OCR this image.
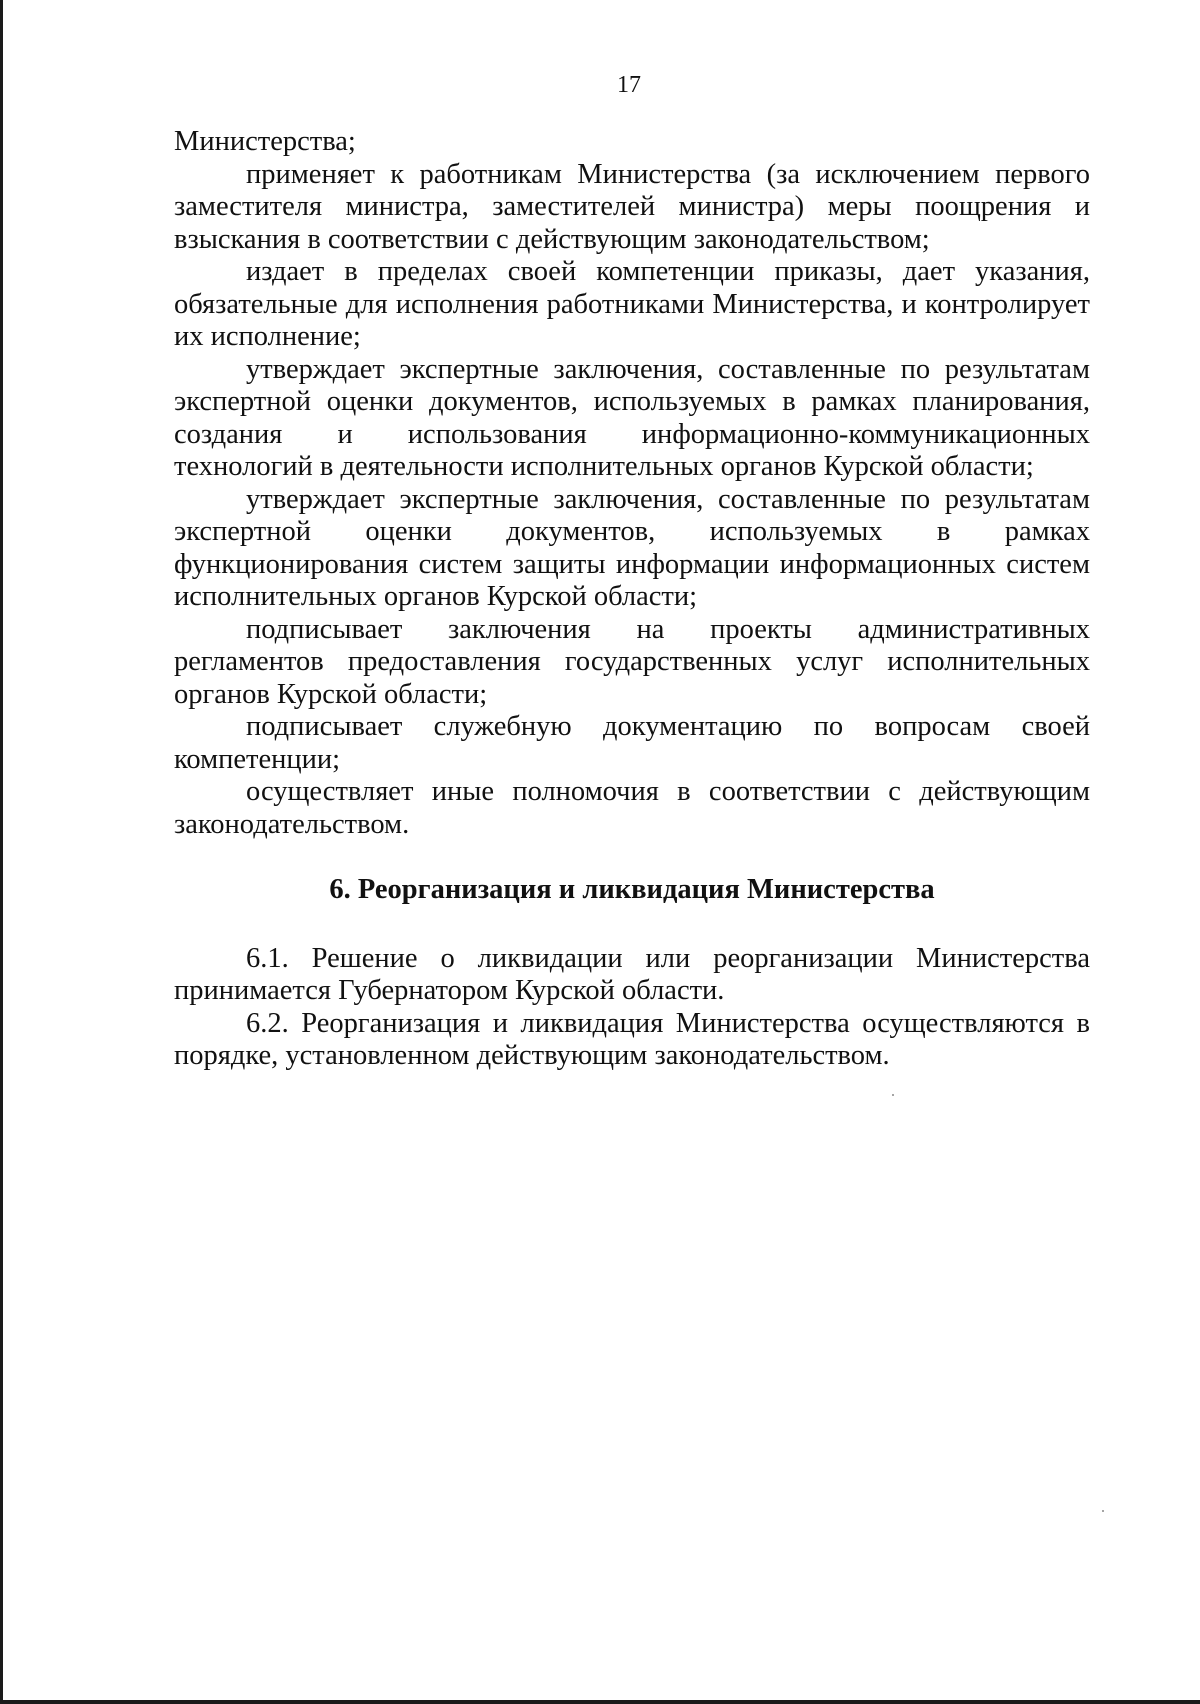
17

Министерства;

применяет к работникам Министерства (за исключением первого заместителя министра, заместителей министра) меры поощрения и взыскания в соответствии с действующим законодательством;

издает в пределах своей компетенции приказы, дает указания, обязательные для исполнения работниками Министерства, и контролирует их исполнение;

утверждает экспертные заключения, составленные по результатам экспертной оценки документов, используемых в рамках планирования, создания и использования информационно-коммуникационных технологий в деятельности исполнительных органов Курской области;

утверждает экспертные заключения, составленные по результатам экспертной оценки документов, используемых в рамках функционирования систем защиты информации информационных систем исполнительных органов Курской области;

подписывает заключения на проекты административных регламентов предоставления государственных услуг исполнительных органов Курской области;

подписывает служебную документацию по вопросам своей компетенции;

осуществляет иные полномочия в соответствии с действующим законодательством.

6. Реорганизация и ликвидация Министерства

6.1. Решение о ликвидации или реорганизации Министерства принимается Губернатором Курской области.

6.2. Реорганизация и ликвидация Министерства осуществляются в порядке, установленном действующим законодательством.
